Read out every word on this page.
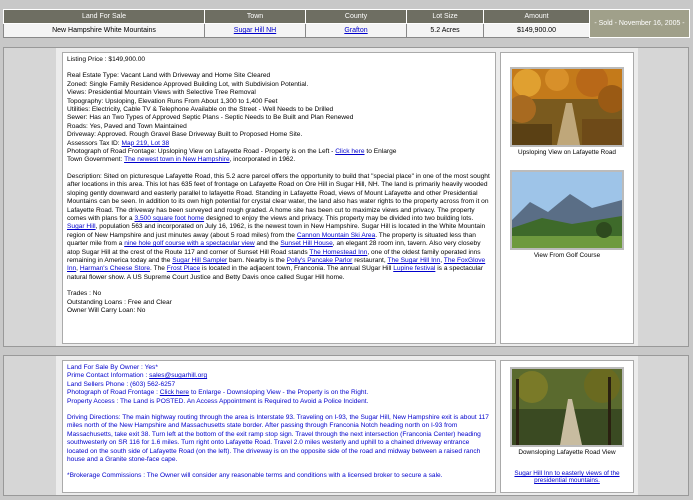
Land For Sale	Town	County	Lot Size	Amount	- Sold - November 16, 2005 -
New Hampshire White Mountains	Sugar Hill NH	Grafton	5.2 Acres	$149,900.00	
Listing Price : $149,900.00
Real Estate Type: Vacant Land with Driveway and Home Site Cleared
Zoned: Single Family Residence Approved Building Lot, with Subdivision Potential.
Views: Presidential Mountain Views with Selective Tree Removal
Topography: Upsloping, Elevation Runs From About 1,300 to 1,400 Feet
Utilities: Electricity, Cable TV & Telephone Available on the Street - Well Needs to be Drilled
Sewer: Has an Two Types of Approved Septic Plans - Septic Needs to Be Built and Plan Renewed
Roads: Yes, Paved and Town Maintained
Driveway: Approved. Rough Gravel Base Driveway Built to Proposed Home Site.
Assessors Tax ID: Map 219, Lot 38
Photograph of Road Frontage: Upsloping View on Lafayette Road - Property is on the Left - Click here to Enlarge
Town Government: The newest town in New Hampshire, incorporated in 1962.
Description: Sited on picturesque Lafayette Road, this 5.2 acre parcel offers the opportunity to build that "special place" in one of the most sought after locations in this area. This lot has 635 feet of frontage on Lafayette Road on Ore Hill in Sugar Hill, NH. The land is primarily heavily wooded sloping gently downward and easterly parallel to lafayette Road. Standing in Lafayette Road, views of Mount Lafayette and other Presidential Mountains can be seen. In addition to its own high potential for crystal clear water, the land also has water rights to the property across from it on Lafayette Road. The driveway has been surveyed and rough graded. A home site has been cut to maximize views and privacy. The property comes with plans for a 3,500 square foot home designed to enjoy the views and privacy. This property may be divided into two building lots. Sugar Hill, population 563 and incorporated on July 16, 1962, is the newest town in New Hampshire. Sugar Hill is located in the White Mountain region of New Hampshire and just minutes away (about 5 road miles) from the Cannon Mountain Ski Area. The property is situated less than quarter mile from a nine hole golf course with a spectacular view and the Sunset Hill House, an elegant 28 room inn, tavern. Also very closeby atop Sugar Hill at the crest of the Route 117 and corner of Sunset Hill Road stands The Homestead Inn, one of the oldest family operated inns remaining in America today and the Sugar Hill Sampler barn. Nearby is the Polly's Pancake Parlor restaurant, The Sugar Hill Inn, The FoxGlove Inn, Harman's Cheese Store. The Frost Place is located in the adjacent town, Franconia. The annual SUgar Hill Lupine festival is a spectacular natural flower show. A US Supreme Court Justice and Betty Davis once called Sugar Hill home.
Trades : No
Outstanding Loans : Free and Clear
Owner Will Carry Loan: No
Upsloping View on Lafayette Road
View From Golf Course
Land For Sale By Owner : Yes*
Prime Contact Information : sales@sugarhill.org
Land Sellers Phone : (603) 562-6257
Photograph of Road Frontage : Click here to Enlarge - Downsloping View - the Property is on the Right.
Property Access : The Land is POSTED. An Access Appointment is Required to Avoid a Police Incident.
Driving Directions: The main highway routing through the area is Interstate 93. Traveling on I-93, the Sugar Hill, New Hampshire exit is about 117 miles north of the New Hampshire and Massachusetts state border. After passing through Franconia Notch heading north on I-93 from Massachusetts, take exit 38. Turn left at the bottom of the exit ramp stop sign. Travel through the next intersection (Franconia Center) heading southwesterly on SR 116 for 1.6 miles. Turn right onto Lafayette Road. Travel 2.0 miles westerly and uphill to a chained driveway entrance located on the south side of Lafayette Road (on the left). The driveway is on the opposite side of the road and midway between a raised ranch house and a Granite stone-face cape.
*Brokerage Commissions : The Owner will consider any reasonable terms and conditions with a licensed broker to secure a sale.
Downsloping Lafayette Road View
Sugar Hill Inn to easterly views of the presidential mountains.
